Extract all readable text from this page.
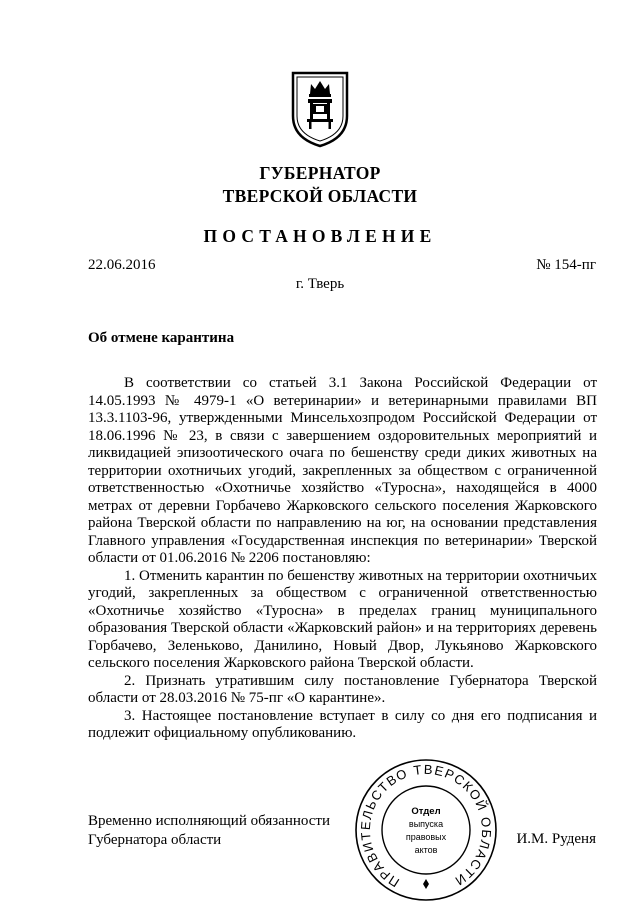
ГУБЕРНАТОР
ТВЕРСКОЙ ОБЛАСТИ
ПОСТАНОВЛЕНИЕ
22.06.2016	№ 154-пг
г. Тверь
Об отмене карантина

В соответствии со статьей 3.1 Закона Российской Федерации от 14.05.1993 № 4979-1 «О ветеринарии» и ветеринарными правилами ВП 13.3.1103-96, утвержденными Минсельхозпродом Российской Федерации от 18.06.1996 № 23, в связи с завершением оздоровительных мероприятий и ликвидацией эпизоотического очага по бешенству среди диких животных на территории охотничьих угодий, закрепленных за обществом с ограниченной ответственностью «Охотничье хозяйство «Туросна», находящейся в 4000 метрах от деревни Горбачево Жарковского сельского поселения Жарковского района Тверской области по направлению на юг, на основании представления Главного управления «Государственная инспекция по ветеринарии» Тверской области от 01.06.2016 № 2206 постановляю:

1. Отменить карантин по бешенству животных на территории охотничьих угодий, закрепленных за обществом с ограниченной ответственностью «Охотничье хозяйство «Туросна» в пределах границ муниципального образования Тверской области «Жарковский район» и на территориях деревень Горбачево, Зеленьково, Данилино, Новый Двор, Лукьяново Жарковского сельского поселения Жарковского района Тверской области.

2. Признать утратившим силу постановление Губернатора Тверской области от 28.03.2016 № 75-пг «О карантине».

3. Настоящее постановление вступает в силу со дня его подписания и подлежит официальному опубликованию.

Временно исполняющий обязанности
Губернатора области	И.М. Руденя
ПРАВИТЕЛЬСТВО ТВЕРСКОЙ ОБЛАСТИ
Отдел
выпуска
правовых
актов
